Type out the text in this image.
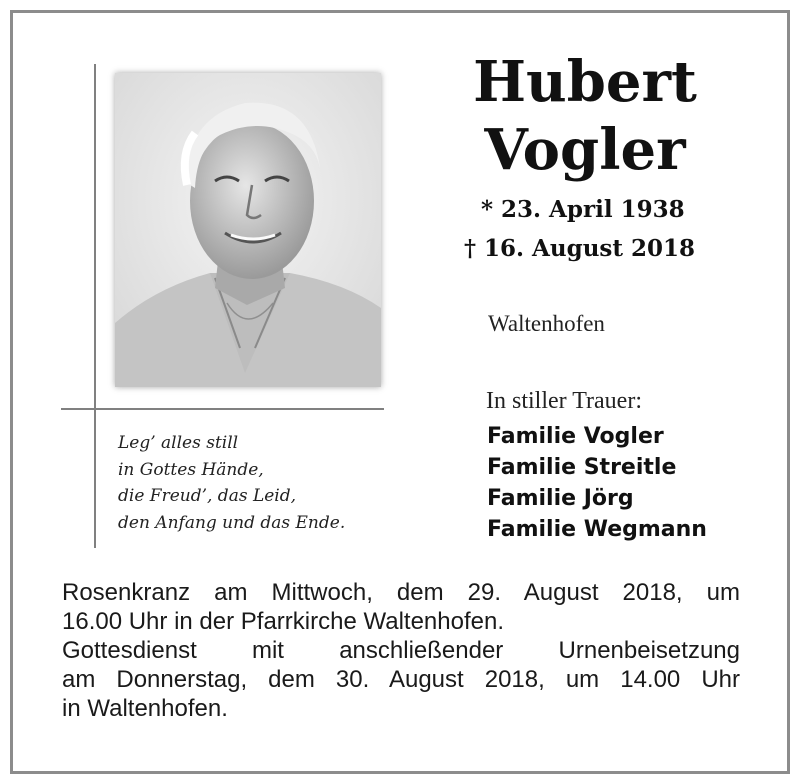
Leg’ alles still
in Gottes Hände,
die Freud’, das Leid,
den Anfang und das Ende.
Hubert
Vogler
* 23. April 1938
† 16. August 2018
Waltenhofen
In stiller Trauer:
Familie Vogler
Familie Streitle
Familie Jörg
Familie Wegmann
Rosenkranz am Mittwoch, dem 29. August 2018, um
16.00 Uhr in der Pfarrkirche Waltenhofen.
Gottesdienst mit anschließender Urnenbeisetzung
am Donnerstag, dem 30. August 2018, um 14.00 Uhr
in Waltenhofen.
